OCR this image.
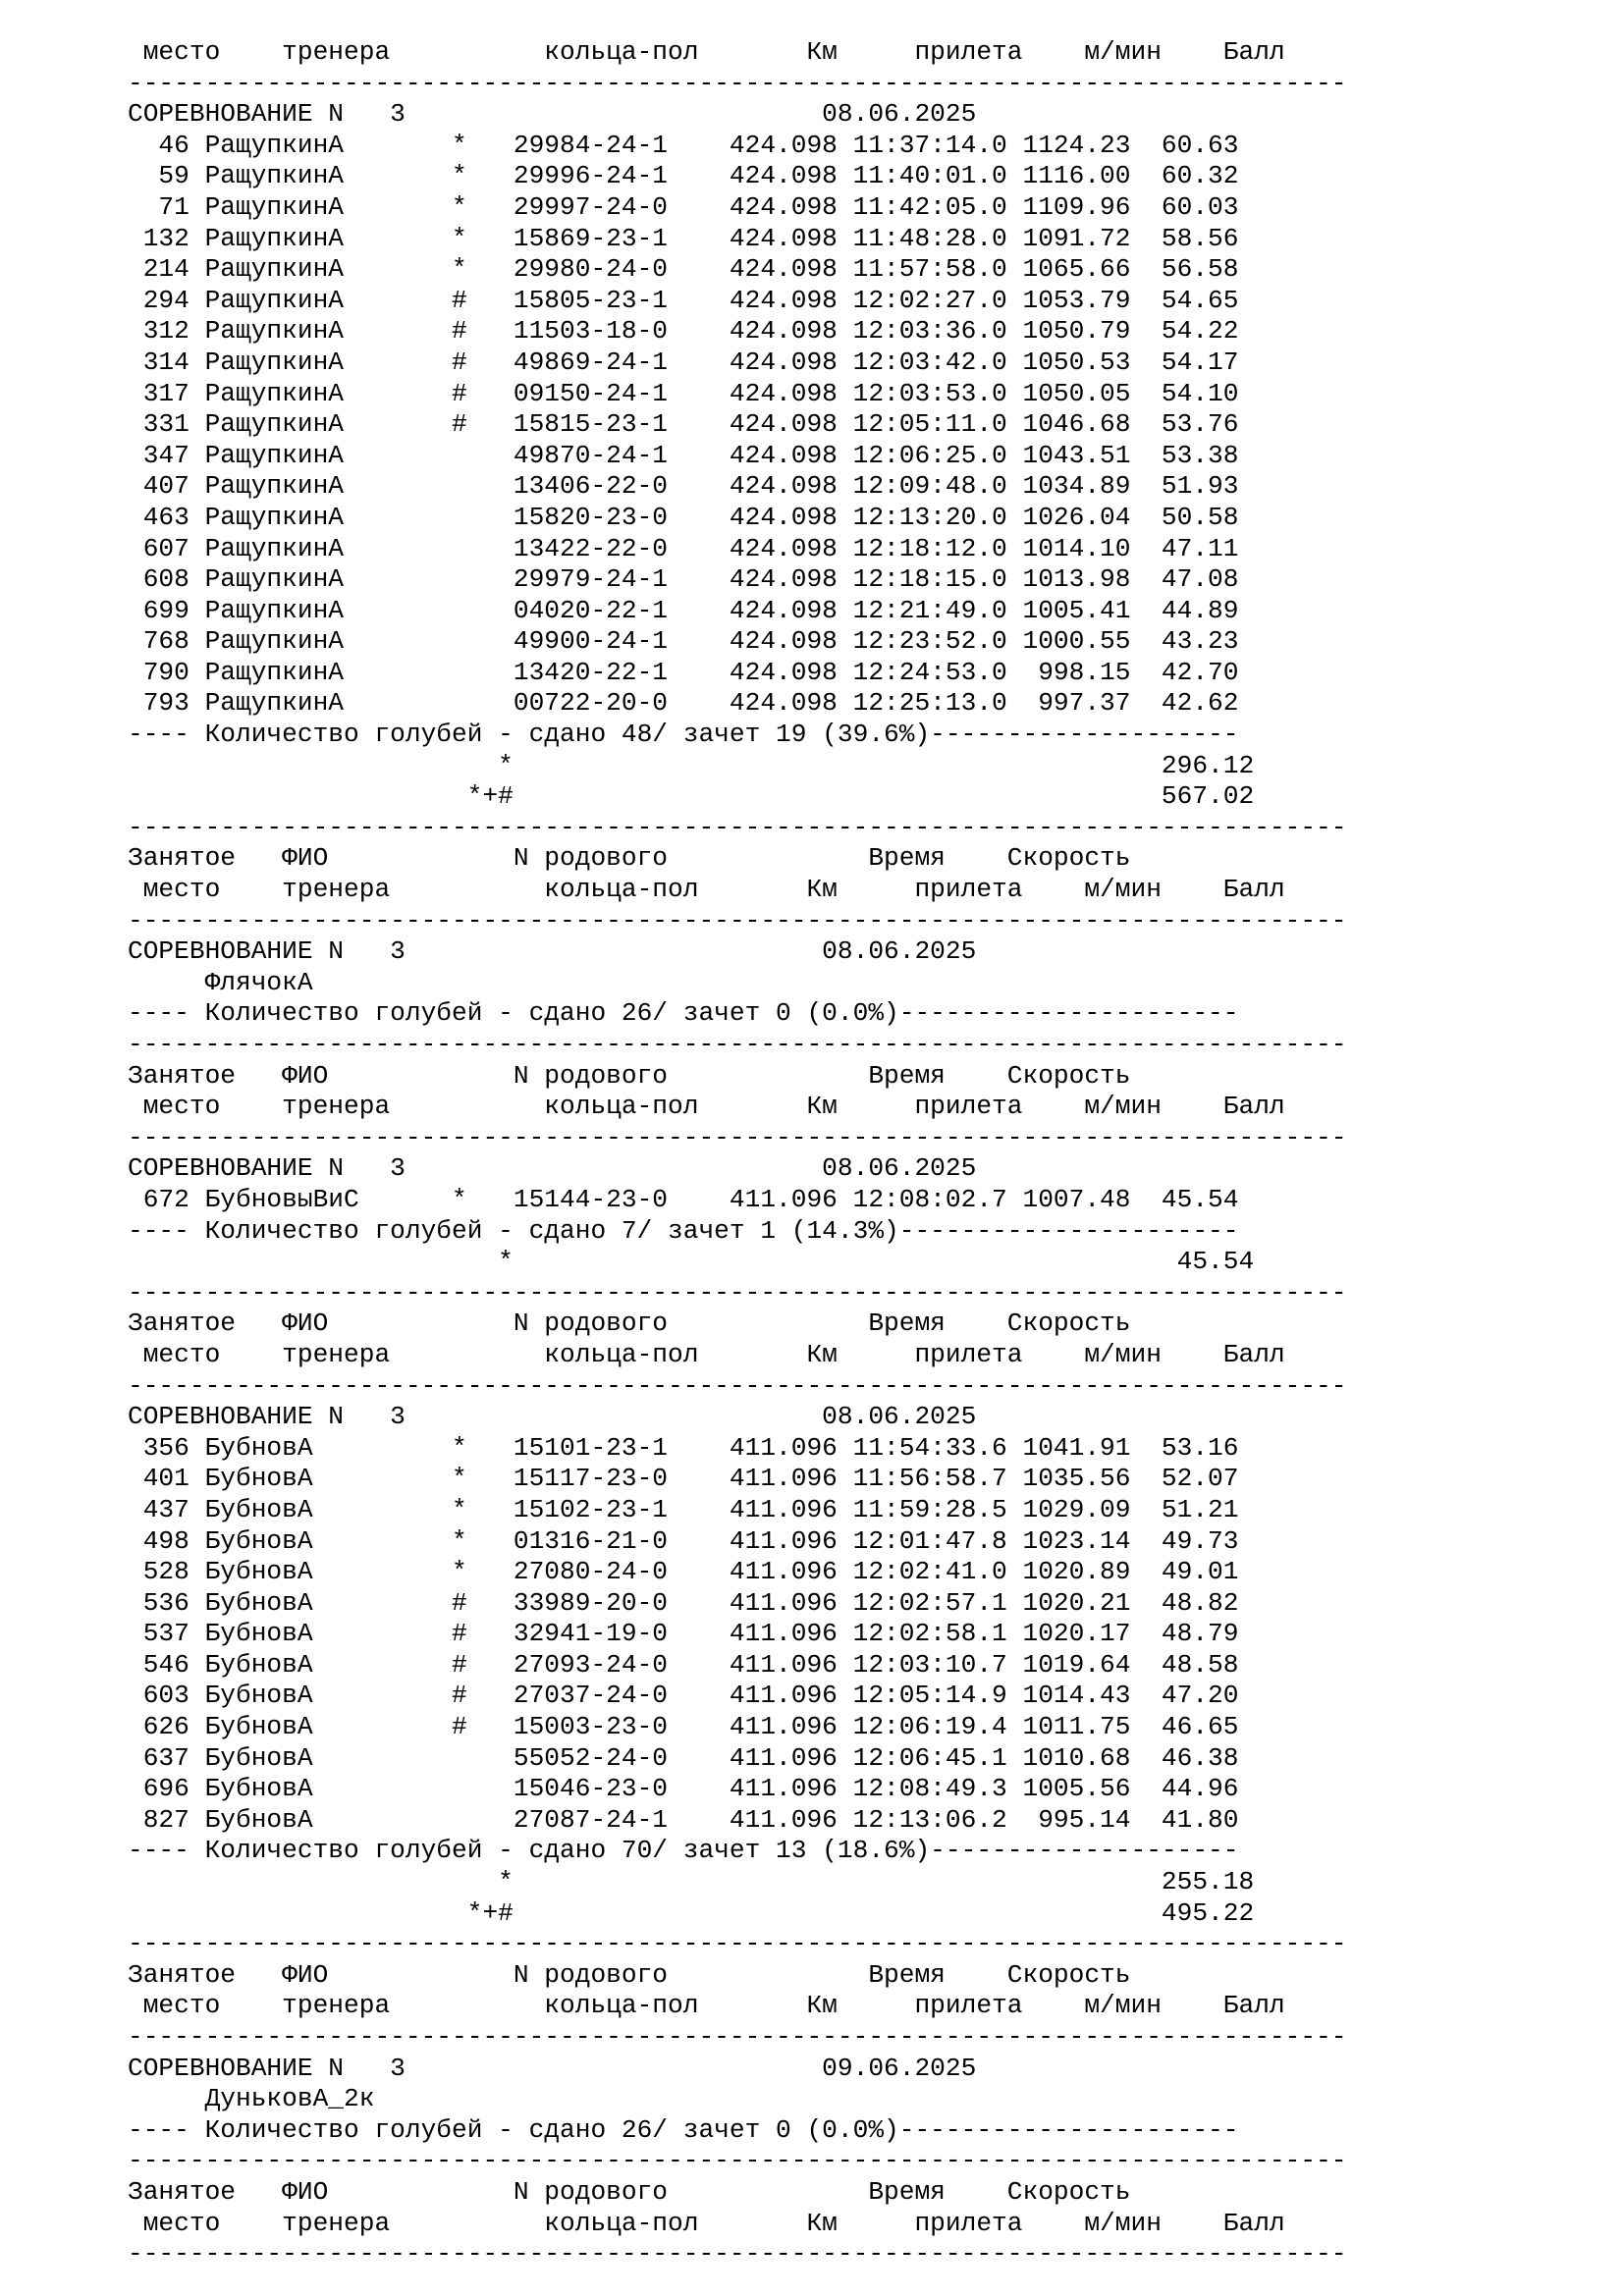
место    тренера          кольца-пол       Км     прилета    м/мин    Балл
-------------------------------------------------------------------------------
СОРЕВНОВАНИЕ N   3                           08.06.2025
46 РащупкинА       *   29984-24-1    424.098 11:37:14.0 1124.23  60.63
59 РащупкинА       *   29996-24-1    424.098 11:40:01.0 1116.00  60.32
71 РащупкинА       *   29997-24-0    424.098 11:42:05.0 1109.96  60.03
132 РащупкинА       *   15869-23-1    424.098 11:48:28.0 1091.72  58.56
214 РащупкинА       *   29980-24-0    424.098 11:57:58.0 1065.66  56.58
294 РащупкинА       #   15805-23-1    424.098 12:02:27.0 1053.79  54.65
312 РащупкинА       #   11503-18-0    424.098 12:03:36.0 1050.79  54.22
314 РащупкинА       #   49869-24-1    424.098 12:03:42.0 1050.53  54.17
317 РащупкинА       #   09150-24-1    424.098 12:03:53.0 1050.05  54.10
331 РащупкинА       #   15815-23-1    424.098 12:05:11.0 1046.68  53.76
347 РащупкинА           49870-24-1    424.098 12:06:25.0 1043.51  53.38
407 РащупкинА           13406-22-0    424.098 12:09:48.0 1034.89  51.93
463 РащупкинА           15820-23-0    424.098 12:13:20.0 1026.04  50.58
607 РащупкинА           13422-22-0    424.098 12:18:12.0 1014.10  47.11
608 РащупкинА           29979-24-1    424.098 12:18:15.0 1013.98  47.08
699 РащупкинА           04020-22-1    424.098 12:21:49.0 1005.41  44.89
768 РащупкинА           49900-24-1    424.098 12:23:52.0 1000.55  43.23
790 РащупкинА           13420-22-1    424.098 12:24:53.0  998.15  42.70
793 РащупкинА           00722-20-0    424.098 12:25:13.0  997.37  42.62
---- Количество голубей - сдано 48/ зачет 19 (39.6%)--------------------
*                                          296.12
*+#                                          567.02
-------------------------------------------------------------------------------
Занятое   ФИО            N родового             Время    Скорость
место    тренера          кольца-пол       Км     прилета    м/мин    Балл
-------------------------------------------------------------------------------
СОРЕВНОВАНИЕ N   3                           08.06.2025
ФлячокА
---- Количество голубей - сдано 26/ зачет 0 (0.0%)----------------------
-------------------------------------------------------------------------------
Занятое   ФИО            N родового             Время    Скорость
место    тренера          кольца-пол       Км     прилета    м/мин    Балл
-------------------------------------------------------------------------------
СОРЕВНОВАНИЕ N   3                           08.06.2025
672 БубновыВиС      *   15144-23-0    411.096 12:08:02.7 1007.48  45.54
---- Количество голубей - сдано 7/ зачет 1 (14.3%)----------------------
*                                           45.54
-------------------------------------------------------------------------------
Занятое   ФИО            N родового             Время    Скорость
место    тренера          кольца-пол       Км     прилета    м/мин    Балл
-------------------------------------------------------------------------------
СОРЕВНОВАНИЕ N   3                           08.06.2025
356 БубновА         *   15101-23-1    411.096 11:54:33.6 1041.91  53.16
401 БубновА         *   15117-23-0    411.096 11:56:58.7 1035.56  52.07
437 БубновА         *   15102-23-1    411.096 11:59:28.5 1029.09  51.21
498 БубновА         *   01316-21-0    411.096 12:01:47.8 1023.14  49.73
528 БубновА         *   27080-24-0    411.096 12:02:41.0 1020.89  49.01
536 БубновА         #   33989-20-0    411.096 12:02:57.1 1020.21  48.82
537 БубновА         #   32941-19-0    411.096 12:02:58.1 1020.17  48.79
546 БубновА         #   27093-24-0    411.096 12:03:10.7 1019.64  48.58
603 БубновА         #   27037-24-0    411.096 12:05:14.9 1014.43  47.20
626 БубновА         #   15003-23-0    411.096 12:06:19.4 1011.75  46.65
637 БубновА             55052-24-0    411.096 12:06:45.1 1010.68  46.38
696 БубновА             15046-23-0    411.096 12:08:49.3 1005.56  44.96
827 БубновА             27087-24-1    411.096 12:13:06.2  995.14  41.80
---- Количество голубей - сдано 70/ зачет 13 (18.6%)--------------------
*                                          255.18
*+#                                          495.22
-------------------------------------------------------------------------------
Занятое   ФИО            N родового             Время    Скорость
место    тренера          кольца-пол       Км     прилета    м/мин    Балл
-------------------------------------------------------------------------------
СОРЕВНОВАНИЕ N   3                           09.06.2025
ДуньковА_2к
---- Количество голубей - сдано 26/ зачет 0 (0.0%)----------------------
-------------------------------------------------------------------------------
Занятое   ФИО            N родового             Время    Скорость
место    тренера          кольца-пол       Км     прилета    м/мин    Балл
-------------------------------------------------------------------------------
